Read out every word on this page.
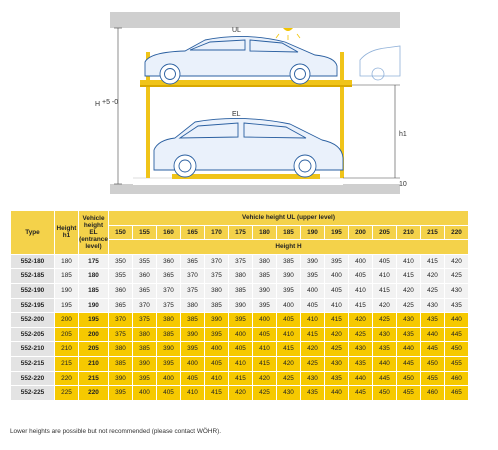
H +5 -0
h1
10
UL
EL
Type	Height h1	Vehicle height EL (entrance level)	Vehicle height UL (upper level)														
			150	155	160	165	170	175	180	185	190	195	200	205	210	215	220
			Height H														
552-180	180	175	350	355	360	365	370	375	380	385	390	395	400	405	410	415	420
552-185	185	180	355	360	365	370	375	380	385	390	395	400	405	410	415	420	425
552-190	190	185	360	365	370	375	380	385	390	395	400	405	410	415	420	425	430
552-195	195	190	365	370	375	380	385	390	395	400	405	410	415	420	425	430	435
552-200	200	195	370	375	380	385	390	395	400	405	410	415	420	425	430	435	440
552-205	205	200	375	380	385	390	395	400	405	410	415	420	425	430	435	440	445
552-210	210	205	380	385	390	395	400	405	410	415	420	425	430	435	440	445	450
552-215	215	210	385	390	395	400	405	410	415	420	425	430	435	440	445	450	455
552-220	220	215	390	395	400	405	410	415	420	425	430	435	440	445	450	455	460
552-225	225	220	395	400	405	410	415	420	425	430	435	440	445	450	455	460	465
Lower heights are possible but not recommended (please contact WÖHR).
